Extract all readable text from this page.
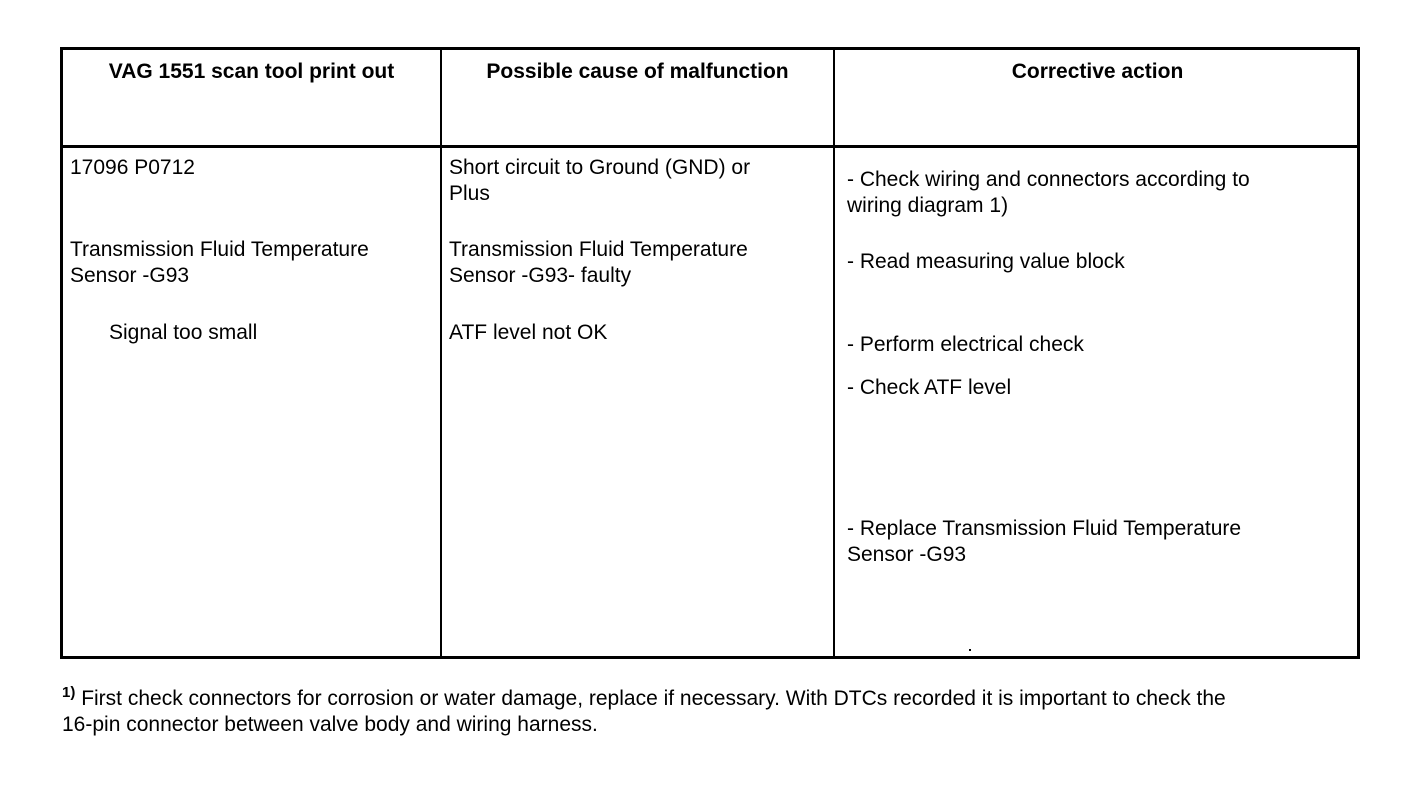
VAG 1551 scan tool print out	Possible cause of malfunction	Corrective action
17096 P0712
Transmission Fluid Temperature
Sensor -G93
Signal too small
Short circuit to Ground (GND) or
Plus
Transmission Fluid Temperature
Sensor -G93- faulty
ATF level not OK
- Check wiring and connectors according to
wiring diagram 1)
- Read measuring value block
- Perform electrical check
- Check ATF level
- Replace Transmission Fluid Temperature
Sensor -G93
$^{1)}$ First check connectors for corrosion or water damage, replace if necessary. With DTCs recorded it is important to check the
16-pin connector between valve body and wiring harness.
